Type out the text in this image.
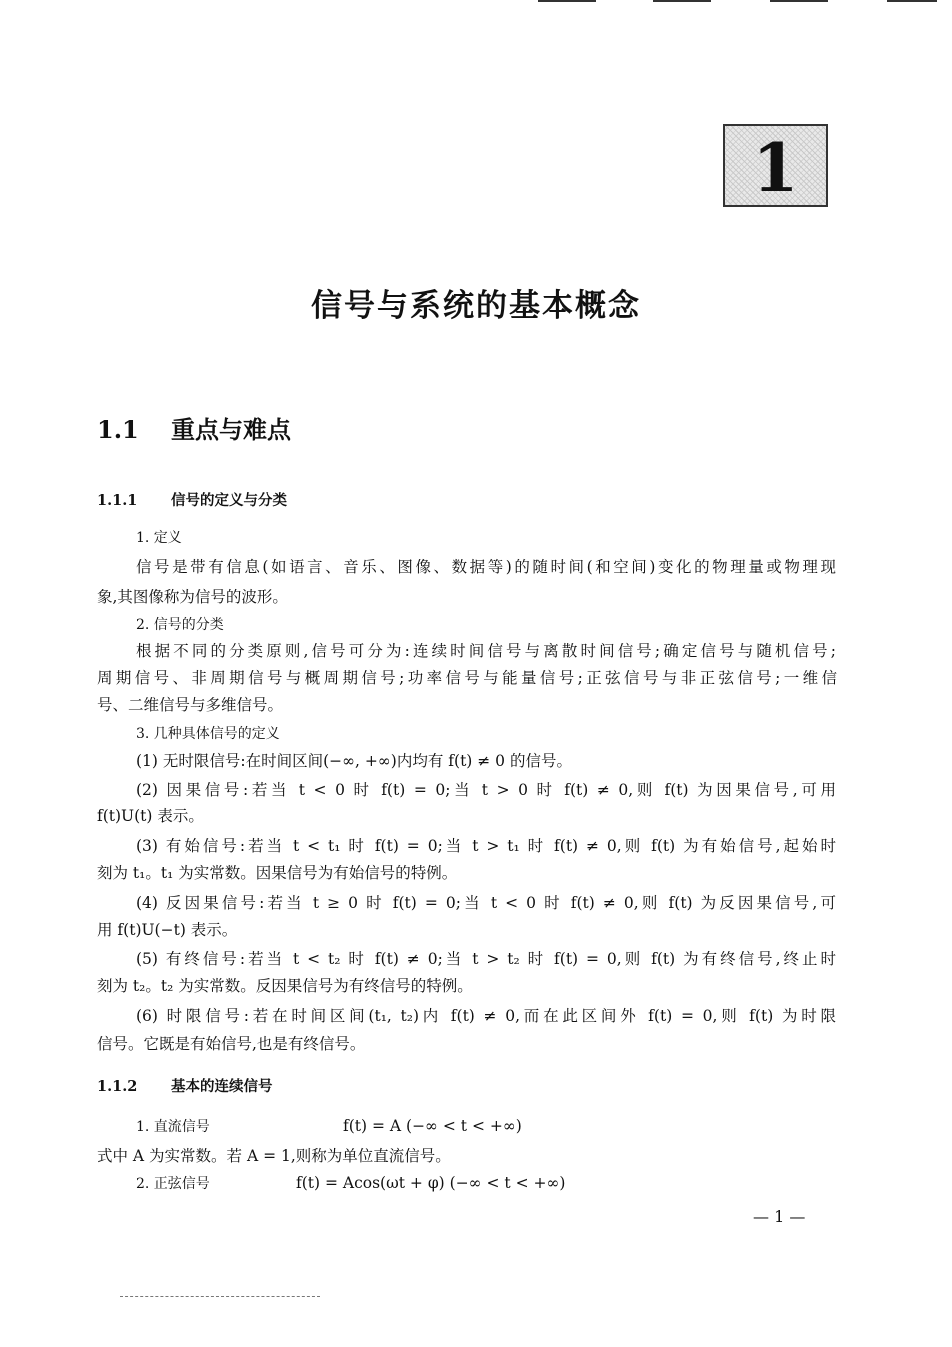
1
信号与系统的基本概念
1.1 重点与难点
1.1.1 信号的定义与分类
1. 定义
信号是带有信息(如语言、音乐、图像、数据等)的随时间(和空间)变化的物理量或物理现
象,其图像称为信号的波形。
2. 信号的分类
根据不同的分类原则,信号可分为:连续时间信号与离散时间信号;确定信号与随机信号;
周期信号、非周期信号与概周期信号;功率信号与能量信号;正弦信号与非正弦信号;一维信
号、二维信号与多维信号。
3. 几种具体信号的定义
(1) 无时限信号:在时间区间(−∞, +∞)内均有 f(t) ≠ 0 的信号。
(2) 因果信号:若当 t < 0 时 f(t) = 0;当 t > 0 时 f(t) ≠ 0,则 f(t) 为因果信号,可用
f(t)U(t) 表示。
(3) 有始信号:若当 t < t₁ 时 f(t) = 0;当 t > t₁ 时 f(t) ≠ 0,则 f(t) 为有始信号,起始时
刻为 t₁。t₁ 为实常数。因果信号为有始信号的特例。
(4) 反因果信号:若当 t ≥ 0 时 f(t) = 0;当 t < 0 时 f(t) ≠ 0,则 f(t) 为反因果信号,可
用 f(t)U(−t) 表示。
(5) 有终信号:若当 t < t₂ 时 f(t) ≠ 0;当 t > t₂ 时 f(t) = 0,则 f(t) 为有终信号,终止时
刻为 t₂。t₂ 为实常数。反因果信号为有终信号的特例。
(6) 时限信号:若在时间区间(t₁, t₂)内 f(t) ≠ 0,而在此区间外 f(t) = 0,则 f(t) 为时限
信号。它既是有始信号,也是有终信号。
1.1.2 基本的连续信号
1. 直流信号	f(t) = A (−∞ < t < +∞)
式中 A 为实常数。若 A = 1,则称为单位直流信号。
2. 正弦信号	f(t) = Acos(ωt + φ) (−∞ < t < +∞)
— 1 —
